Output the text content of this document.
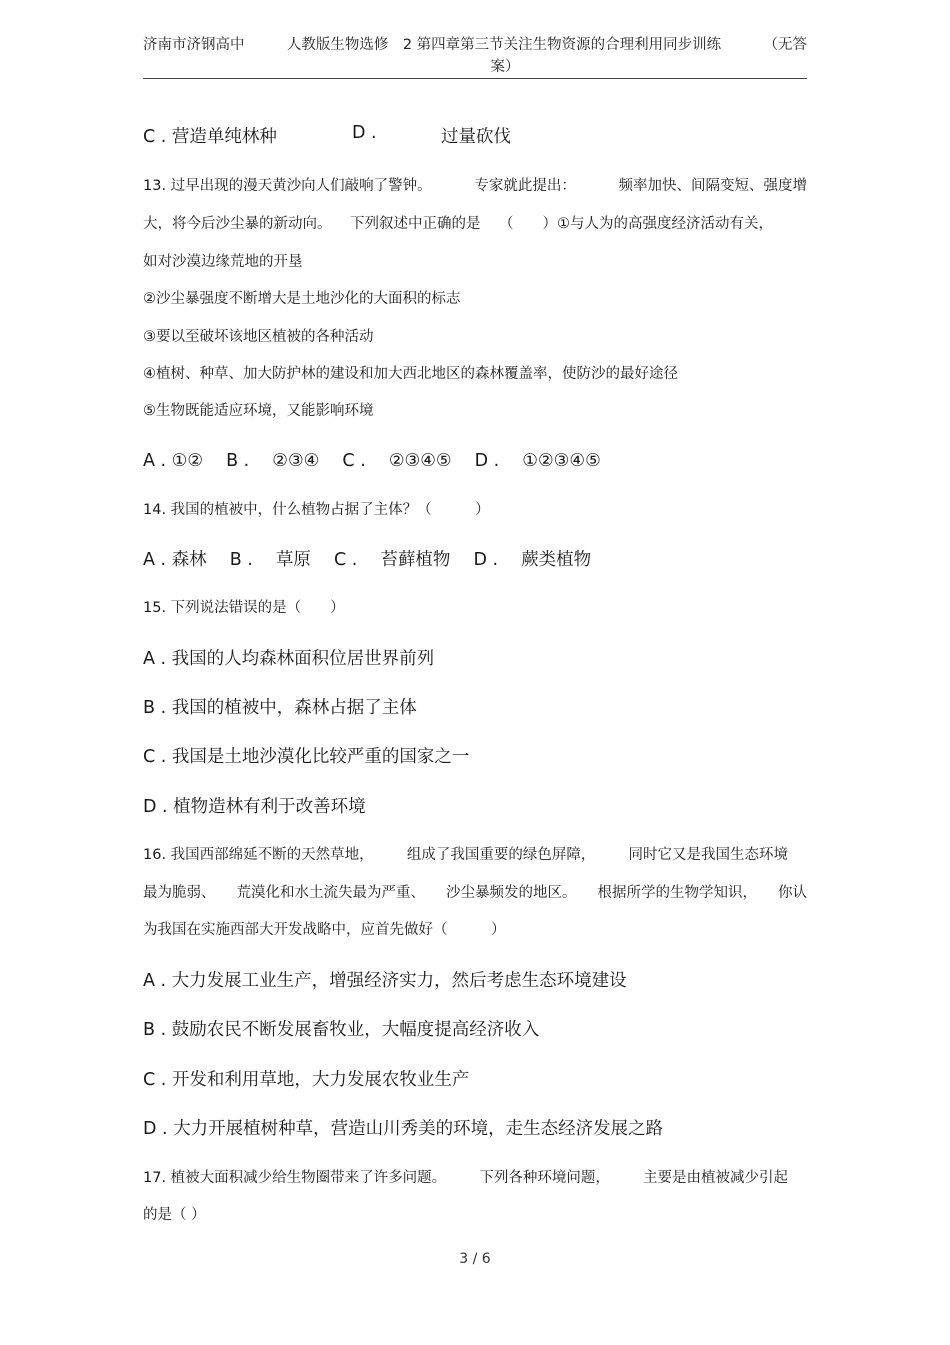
济南市济钢高中	人教版生物选修　2 第四章第三节关注生物资源的合理利用同步训练	（无答
案）
C . 营造单纯林种	D .	过量砍伐
13. 过早出现的漫天黄沙向人们敲响了警钟。	专家就此提出：	频率加快、间隔变短、强度增
大，将今后沙尘暴的新动向。 下列叙述中正确的是 （　　）①与人为的高强度经济活动有关，
如对沙漠边缘荒地的开垦
②沙尘暴强度不断增大是土地沙化的大面积的标志
③要以至破坏该地区植被的各种活动
④植树、种草、加大防护林的建设和加大西北地区的森林覆盖率，使防沙的最好途径
⑤生物既能适应环境，又能影响环境
A . ①②　 B .　 ②③④　 C .　 ②③④⑤　 D .　 ①②③④⑤
14. 我国的植被中，什么植物占据了主体？（　　　）
A . 森林　 B .　 草原　 C .　 苔藓植物　 D .　 蕨类植物
15. 下列说法错误的是（　　）
A . 我国的人均森林面积位居世界前列
B . 我国的植被中，森林占据了主体
C . 我国是土地沙漠化比较严重的国家之一
D . 植物造林有利于改善环境
16. 我国西部绵延不断的天然草地， 组成了我国重要的绿色屏障， 同时它又是我国生态环境
最为脆弱、 荒漠化和水土流失最为严重、 沙尘暴频发的地区。 根据所学的生物学知识， 你认
为我国在实施西部大开发战略中，应首先做好（　　　）
A . 大力发展工业生产，增强经济实力，然后考虑生态环境建设
B . 鼓励农民不断发展畜牧业，大幅度提高经济收入
C . 开发和利用草地，大力发展农牧业生产
D . 大力开展植树种草，营造山川秀美的环境，走生态经济发展之路
17. 植被大面积减少给生物圈带来了许多问题。 下列各种环境问题， 主要是由植被减少引起
的是（ ）
3 / 6
